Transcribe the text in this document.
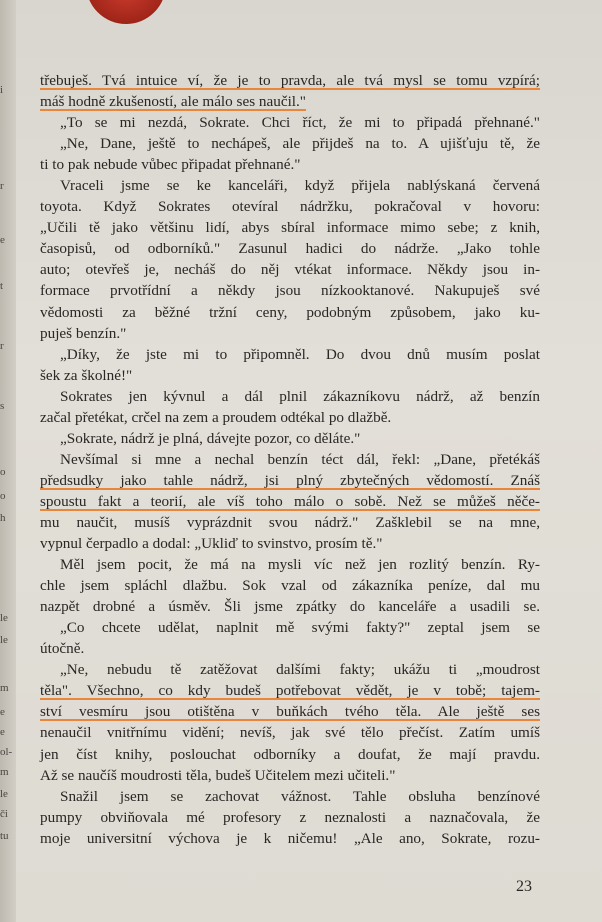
i
r
e
t
r
s
o
o
h
le
le
m
e
e
ol-
m
le
či
tu
třebuješ. Tvá intuice ví, že je to pravda, ale tvá mysl se tomu vzpírá;
máš hodně zkušeností, ale málo ses naučil."
„To se mi nezdá, Sokrate. Chci říct, že mi to připadá přehnané."
„Ne, Dane, ještě to nechápeš, ale přijdeš na to. A ujišťuju tě, že
ti to pak nebude vůbec připadat přehnané."
Vraceli jsme se ke kanceláři, když přijela nablýskaná červená
toyota. Když Sokrates otevíral nádržku, pokračoval v hovoru:
„Učili tě jako většinu lidí, abys sbíral informace mimo sebe; z knih,
časopisů, od odborníků." Zasunul hadici do nádrže. „Jako tohle
auto; otevřeš je, necháš do něj vtékat informace. Někdy jsou in-
formace prvotřídní a někdy jsou nízkooktanové. Nakupuješ své
vědomosti za běžné tržní ceny, podobným způsobem, jako ku-
puješ benzín."
„Díky, že jste mi to připomněl. Do dvou dnů musím poslat
šek za školné!"
Sokrates jen kývnul a dál plnil zákazníkovu nádrž, až benzín
začal přetékat, crčel na zem a proudem odtékal po dlažbě.
„Sokrate, nádrž je plná, dávejte pozor, co děláte."
Nevšímal si mne a nechal benzín téct dál, řekl: „Dane, přetékáš
předsudky jako tahle nádrž, jsi plný zbytečných vědomostí. Znáš
spoustu fakt a teorií, ale víš toho málo o sobě. Než se můžeš něče-
mu naučit, musíš vyprázdnit svou nádrž." Zašklebil se na mne,
vypnul čerpadlo a dodal: „Ukliď to svinstvo, prosím tě."
Měl jsem pocit, že má na mysli víc než jen rozlitý benzín. Ry-
chle jsem spláchl dlažbu. Sok vzal od zákazníka peníze, dal mu
nazpět drobné a úsměv. Šli jsme zpátky do kanceláře a usadili se.
„Co chcete udělat, naplnit mě svými fakty?" zeptal jsem se
útočně.
„Ne, nebudu tě zatěžovat dalšími fakty; ukážu ti „moudrost
těla". Všechno, co kdy budeš potřebovat vědět, je v tobě; tajem-
ství vesmíru jsou otištěna v buňkách tvého těla. Ale ještě ses
nenaučil vnitřnímu vidění; nevíš, jak své tělo přečíst. Zatím umíš
jen číst knihy, poslouchat odborníky a doufat, že mají pravdu.
Až se naučíš moudrosti těla, budeš Učitelem mezi učiteli."
Snažil jsem se zachovat vážnost. Tahle obsluha benzínové
pumpy obviňovala mé profesory z neznalosti a naznačovala, že
moje universitní výchova je k ničemu! „Ale ano, Sokrate, rozu-
23
